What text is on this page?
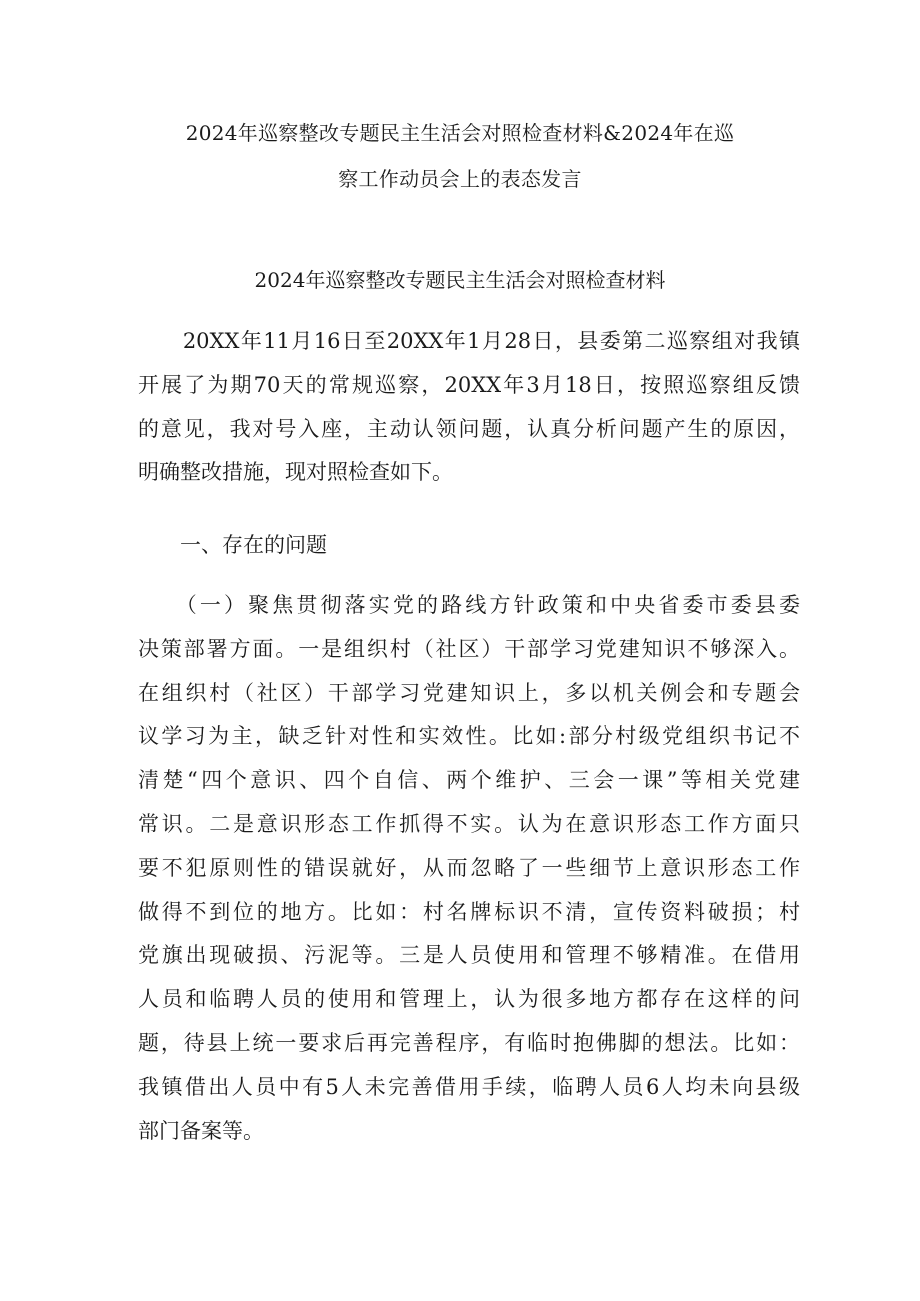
2024年巡察整改专题民主生活会对照检查材料&2024年在巡
察工作动员会上的表态发言
2024年巡察整改专题民主生活会对照检查材料

　　20XX年11月16日至20XX年1月28日，县委第二巡察组对我镇
开展了为期70天的常规巡察，20XX年3月18日，按照巡察组反馈
的意见，我对号入座，主动认领问题，认真分析问题产生的原因，
明确整改措施，现对照检查如下。

　　一、存在的问题

　　（一）聚焦贯彻落实党的路线方针政策和中央省委市委县委
决策部署方面。一是组织村（社区）干部学习党建知识不够深入。
在组织村（社区）干部学习党建知识上，多以机关例会和专题会
议学习为主，缺乏针对性和实效性。比如:部分村级党组织书记不
清楚“四个意识、四个自信、两个维护、三会一课”等相关党建
常识。二是意识形态工作抓得不实。认为在意识形态工作方面只
要不犯原则性的错误就好，从而忽略了一些细节上意识形态工作
做得不到位的地方。比如：村名牌标识不清，宣传资料破损；村
党旗出现破损、污泥等。三是人员使用和管理不够精准。在借用
人员和临聘人员的使用和管理上，认为很多地方都存在这样的问
题，待县上统一要求后再完善程序，有临时抱佛脚的想法。比如：
我镇借出人员中有5人未完善借用手续，临聘人员6人均未向县级
部门备案等。
